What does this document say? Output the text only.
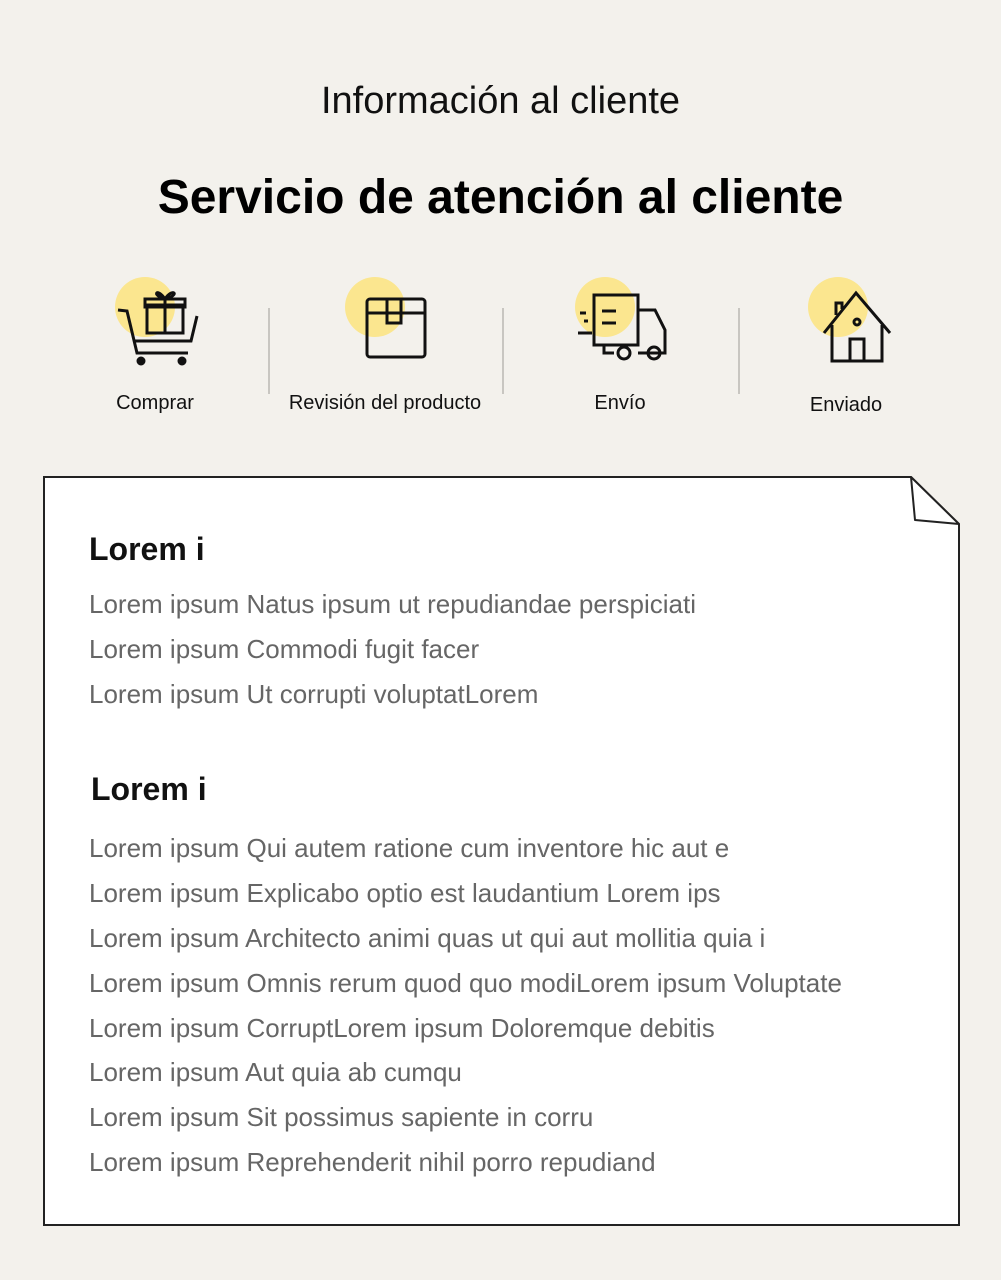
Información al cliente
Servicio de atención al cliente
Comprar	Revisión del producto	Envío	Enviado
Lorem i
Lorem ipsum Natus ipsum ut repudiandae perspiciati
Lorem ipsum Commodi fugit facer
Lorem ipsum Ut corrupti voluptatLorem
Lorem i
Lorem ipsum Qui autem ratione cum inventore hic aut e
Lorem ipsum Explicabo optio est laudantium Lorem ips
Lorem ipsum Architecto animi quas ut qui aut mollitia quia i
Lorem ipsum Omnis rerum quod quo modiLorem ipsum Voluptate
Lorem ipsum CorruptLorem ipsum Doloremque debitis
Lorem ipsum Aut quia ab cumqu
Lorem ipsum Sit possimus sapiente in corru
Lorem ipsum Reprehenderit nihil porro repudiand
